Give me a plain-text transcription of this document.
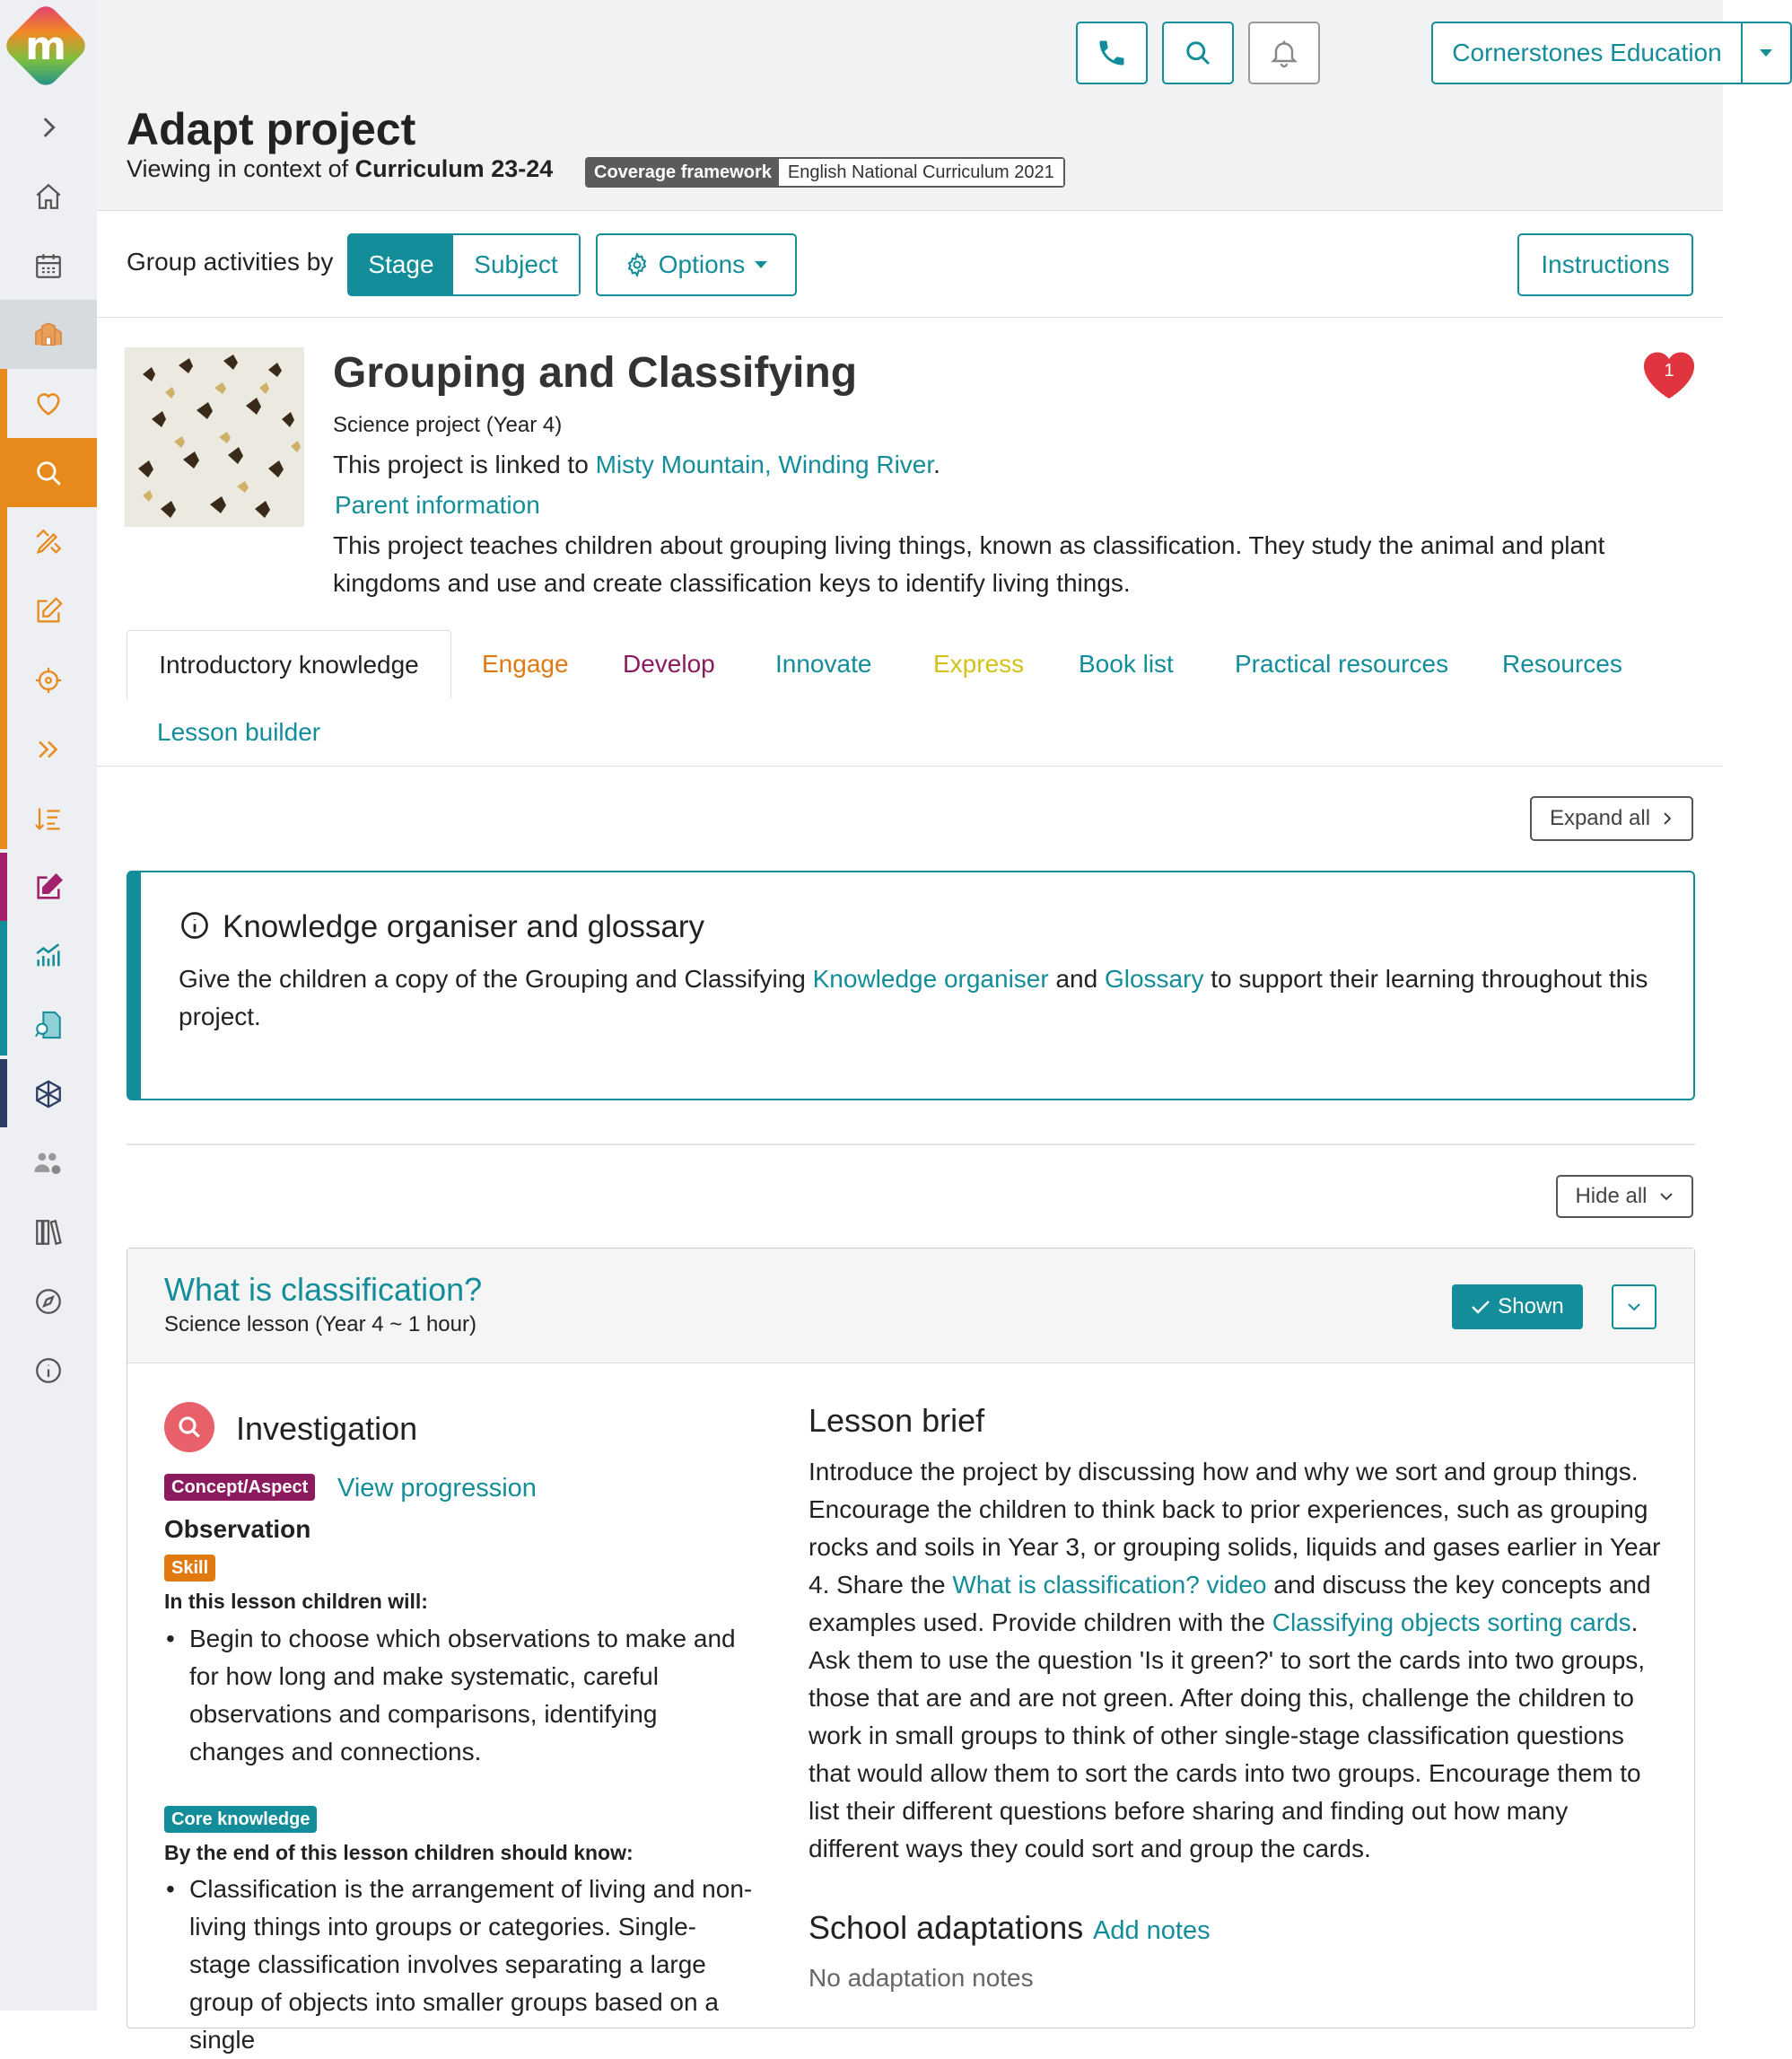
m	Cornerstones Education
Adapt project
Viewing in context of Curriculum 23-24	Coverage framework English National Curriculum 2021
Group activities by	Stage	Subject	Options	Instructions
Grouping and Classifying
Science project (Year 4)
This project is linked to Misty Mountain, Winding River.
Parent information

This project teaches children about grouping living things, known as classification. They study the animal and plant kingdoms and use and create classification keys to identify living things.

1
Introductory knowledge	Engage Develop Innovate Express Book list Practical resources Resources
Lesson builder
Expand all
Knowledge organiser and glossary

Give the children a copy of the Grouping and Classifying Knowledge organiser and Glossary to support their learning throughout this project.

Hide all
What is classification?
Science lesson (Year 4 ~ 1 hour)
Shown
Investigation
Concept/Aspect View progression
Observation
Skill
In this lesson children will:
• Begin to choose which observations to make and for how long and make systematic, careful observations and comparisons, identifying changes and connections.
Core knowledge
By the end of this lesson children should know:
• Classification is the arrangement of living and non-living things into groups or categories. Single-stage classification involves separating a large group of objects into smaller groups based on a single
Lesson brief

Introduce the project by discussing how and why we sort and group things. Encourage the children to think back to prior experiences, such as grouping rocks and soils in Year 3, or grouping solids, liquids and gases earlier in Year 4. Share the What is classification? video and discuss the key concepts and examples used. Provide children with the Classifying objects sorting cards. Ask them to use the question 'Is it green?' to sort the cards into two groups, those that are and are not green. After doing this, challenge the children to work in small groups to think of other single-stage classification questions that would allow them to sort the cards into two groups. Encourage them to list their different questions before sharing and finding out how many different ways they could sort and group the cards.

School adaptations Add notes
No adaptation notes
